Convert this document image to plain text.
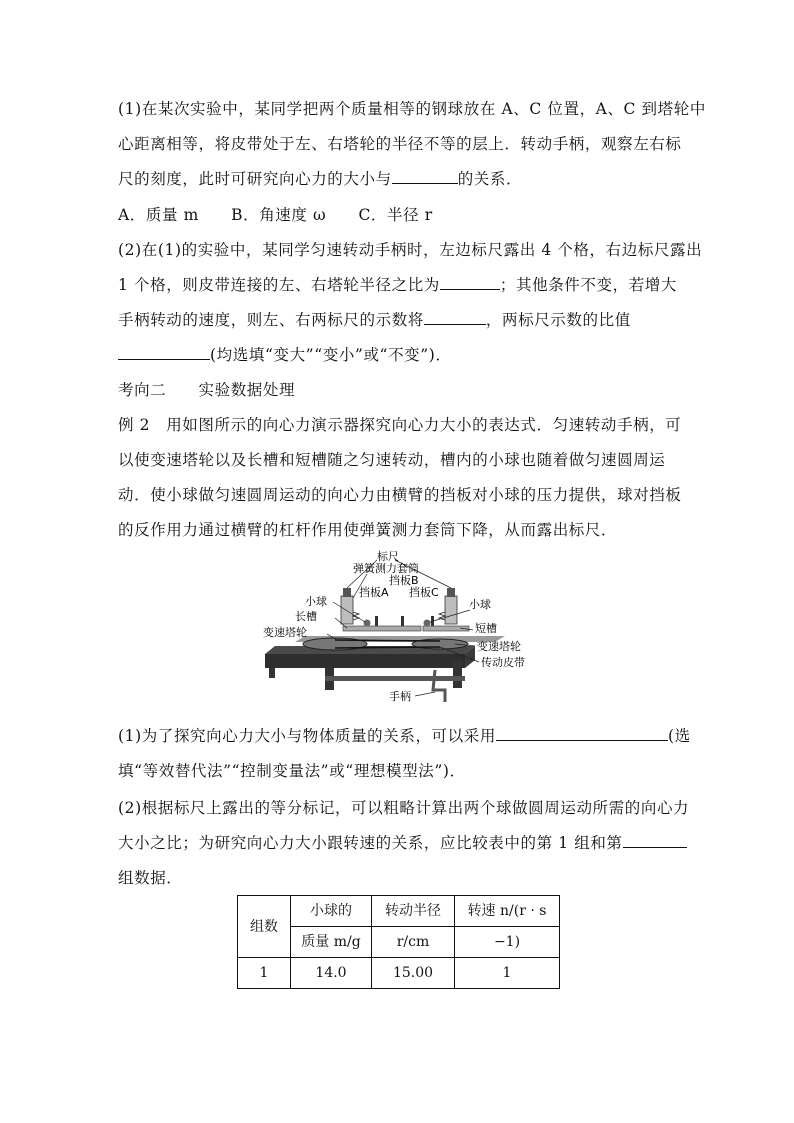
(1)在某次实验中，某同学把两个质量相等的钢球放在 A、C 位置，A、C 到塔轮中
心距离相等，将皮带处于左、右塔轮的半径不等的层上．转动手柄，观察左右标
尺的刻度，此时可研究向心力的大小与	的关系．
A．质量 m　　B．角速度 ω　　C．半径 r
(2)在(1)的实验中，某同学匀速转动手柄时，左边标尺露出 4 个格，右边标尺露出
1 个格，则皮带连接的左、右塔轮半径之比为	；其他条件不变，若增大
手柄转动的速度，则左、右两标尺的示数将	，两标尺示数的比值
(均选填“变大”“变小”或“不变”)．
考向二　　实验数据处理
例 2　用如图所示的向心力演示器探究向心力大小的表达式．匀速转动手柄，可
以使变速塔轮以及长槽和短槽随之匀速转动，槽内的小球也随着做匀速圆周运
动．使小球做匀速圆周运动的向心力由横臂的挡板对小球的压力提供，球对挡板
的反作用力通过横臂的杠杆作用使弹簧测力套筒下降，从而露出标尺．
标尺
弹簧测力套筒
挡板B
小球
挡板A 挡板C
小球
长槽
短槽
变速塔轮
变速塔轮
传动皮带
手柄
(1)为了探究向心力大小与物体质量的关系，可以采用	(选
填“等效替代法”“控制变量法”或“理想模型法”)．
(2)根据标尺上露出的等分标记，可以粗略计算出两个球做圆周运动所需的向心力
大小之比；为研究向心力大小跟转速的关系，应比较表中的第 1 组和第
组数据．
组数	小球的	转动半径	转速 n/(r · s
	质量 m/g	r/cm	−1)
1	14.0	15.00	1
